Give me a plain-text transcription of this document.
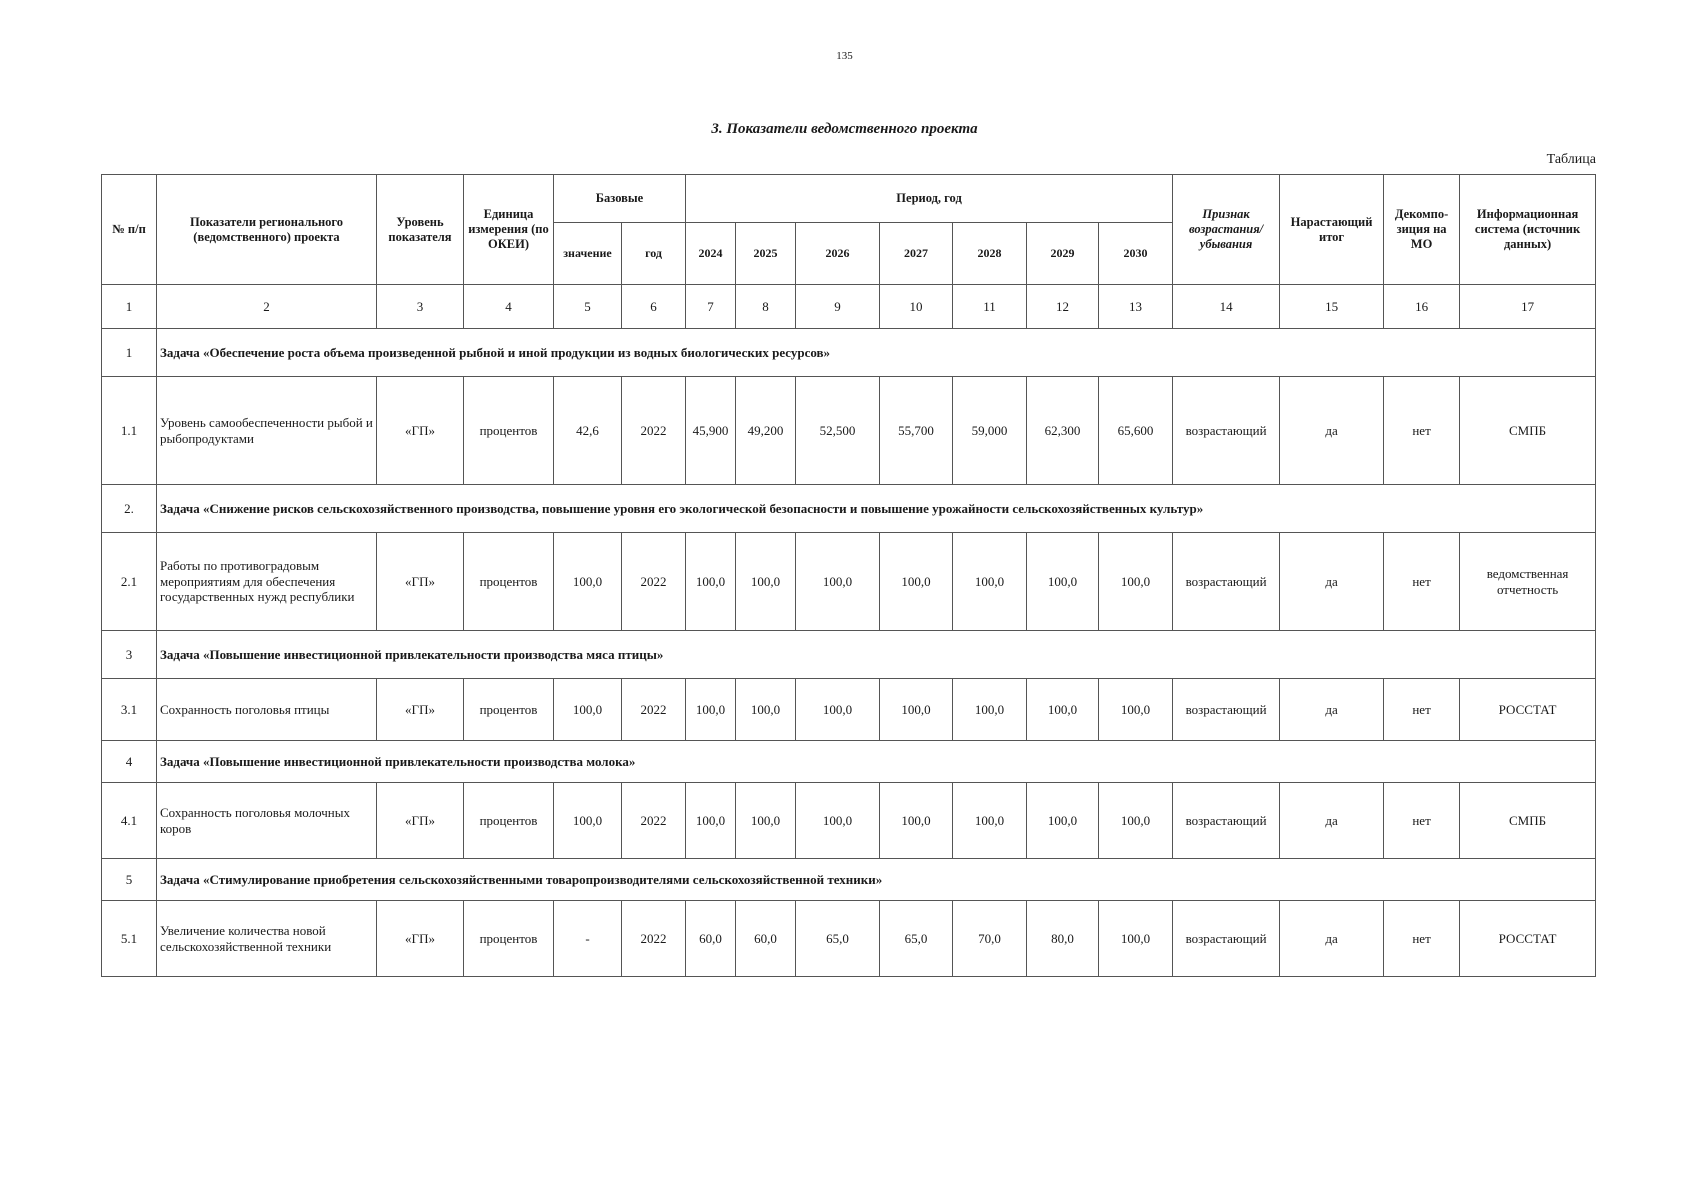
135
3. Показатели ведомственного проекта
Таблица
№ п/п	Показатели регионального (ведомственного) проекта	Уровень показателя	Единица измерения (по ОКЕИ)	Базовые		Период, год							Признак возрастания/ убывания	Нарастающий итог	Декомпо- зиция на МО	Информационная система (источник данных)
				значение	год	2024	2025	2026	2027	2028	2029	2030				
1	2	3	4	5	6	7	8	9	10	11	12	13	14	15	16	17
1	Задача «Обеспечение роста объема произведенной рыбной и иной продукции из водных биологических ресурсов»															
1.1	Уровень самообеспеченности рыбой и рыбопродуктами	«ГП»	процентов	42,6	2022	45,900	49,200	52,500	55,700	59,000	62,300	65,600	возрастающий	да	нет	СМПБ
2.	Задача «Снижение рисков сельскохозяйственного производства, повышение уровня его экологической безопасности и повышение урожайности сельскохозяйственных культур»															
2.1	Работы по противоградовым мероприятиям для обеспечения государственных нужд республики	«ГП»	процентов	100,0	2022	100,0	100,0	100,0	100,0	100,0	100,0	100,0	возрастающий	да	нет	ведомственная отчетность
3	Задача «Повышение инвестиционной привлекательности производства мяса птицы»															
3.1	Сохранность поголовья птицы	«ГП»	процентов	100,0	2022	100,0	100,0	100,0	100,0	100,0	100,0	100,0	возрастающий	да	нет	РОССТАТ
4	Задача «Повышение инвестиционной привлекательности производства молока»															
4.1	Сохранность поголовья молочных коров	«ГП»	процентов	100,0	2022	100,0	100,0	100,0	100,0	100,0	100,0	100,0	возрастающий	да	нет	СМПБ
5	Задача «Стимулирование приобретения сельскохозяйственными товаропроизводителями сельскохозяйственной техники»															
5.1	Увеличение количества новой сельскохозяйственной техники	«ГП»	процентов	-	2022	60,0	60,0	65,0	65,0	70,0	80,0	100,0	возрастающий	да	нет	РОССТАТ
